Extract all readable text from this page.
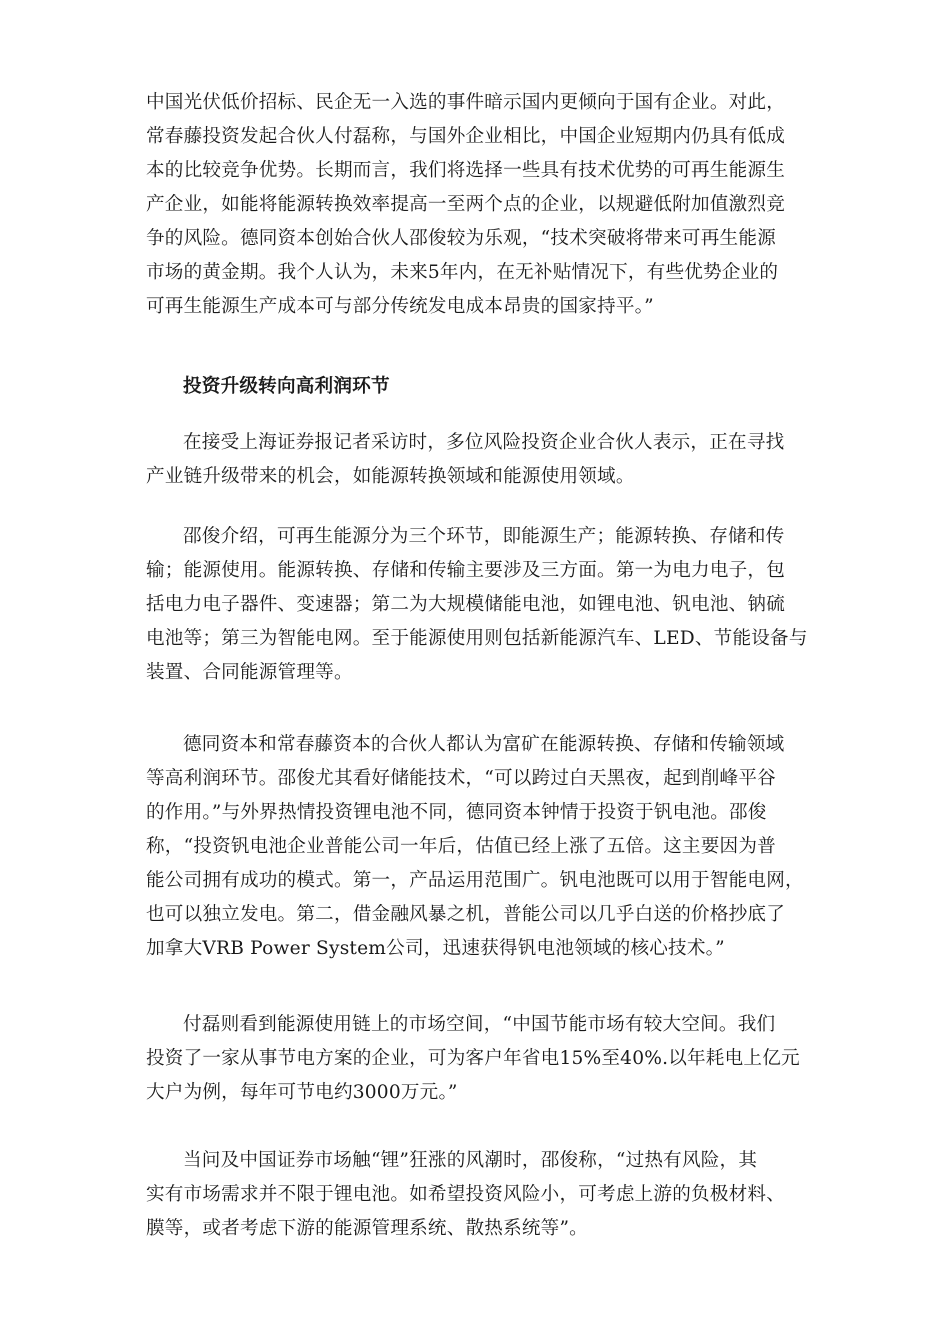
中国光伏低价招标、民企无一入选的事件暗示国内更倾向于国有企业。对此，
常春藤投资发起合伙人付磊称，与国外企业相比，中国企业短期内仍具有低成
本的比较竞争优势。长期而言，我们将选择一些具有技术优势的可再生能源生
产企业，如能将能源转换效率提高一至两个点的企业，以规避低附加值激烈竞
争的风险。德同资本创始合伙人邵俊较为乐观，“技术突破将带来可再生能源
市场的黄金期。我个人认为，未来5年内，在无补贴情况下，有些优势企业的
可再生能源生产成本可与部分传统发电成本昂贵的国家持平。”
投资升级转向高利润环节
在接受上海证券报记者采访时，多位风险投资企业合伙人表示，正在寻找
产业链升级带来的机会，如能源转换领域和能源使用领域。
邵俊介绍，可再生能源分为三个环节，即能源生产；能源转换、存储和传
输；能源使用。能源转换、存储和传输主要涉及三方面。第一为电力电子，包
括电力电子器件、变速器；第二为大规模储能电池，如锂电池、钒电池、钠硫
电池等；第三为智能电网。至于能源使用则包括新能源汽车、LED、节能设备与
装置、合同能源管理等。
德同资本和常春藤资本的合伙人都认为富矿在能源转换、存储和传输领域
等高利润环节。邵俊尤其看好储能技术，“可以跨过白天黑夜，起到削峰平谷
的作用。”与外界热情投资锂电池不同，德同资本钟情于投资于钒电池。邵俊
称，“投资钒电池企业普能公司一年后，估值已经上涨了五倍。这主要因为普
能公司拥有成功的模式。第一，产品运用范围广。钒电池既可以用于智能电网，
也可以独立发电。第二，借金融风暴之机，普能公司以几乎白送的价格抄底了
加拿大VRB Power System公司，迅速获得钒电池领域的核心技术。”
付磊则看到能源使用链上的市场空间，“中国节能市场有较大空间。我们
投资了一家从事节电方案的企业，可为客户年省电15%至40%.以年耗电上亿元
大户为例，每年可节电约3000万元。”
当问及中国证券市场触“锂”狂涨的风潮时，邵俊称，“过热有风险，其
实有市场需求并不限于锂电池。如希望投资风险小，可考虑上游的负极材料、
膜等，或者考虑下游的能源管理系统、散热系统等”。
